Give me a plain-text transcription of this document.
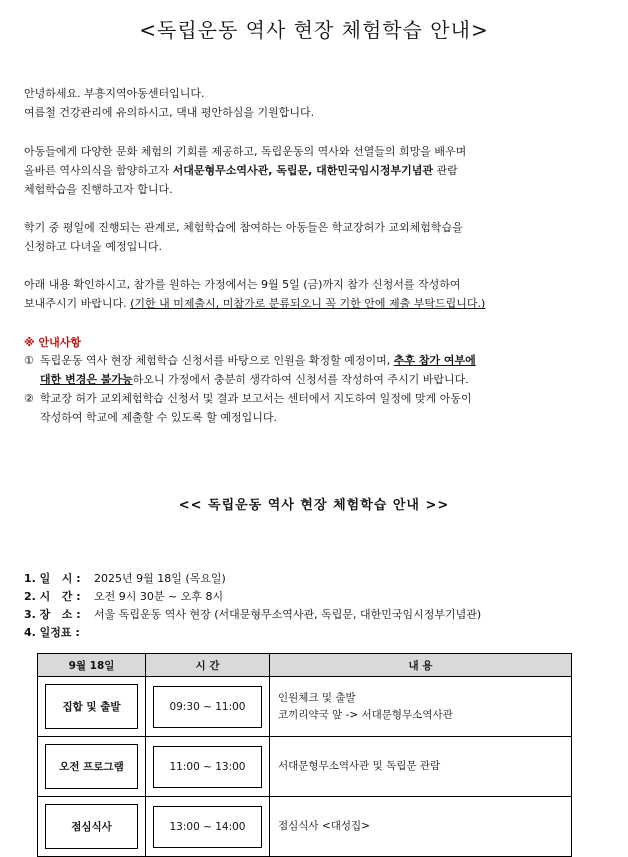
<독립운동 역사 현장 체험학습 안내>

안녕하세요. 부흥지역아동센터입니다.

여름철 건강관리에 유의하시고, 댁내 평안하심을 기원합니다.

아동들에게 다양한 문화 체험의 기회를 제공하고, 독립운동의 역사와 선열들의 희망을 배우며

올바른 역사의식을 함양하고자 서대문형무소역사관, 독립문, 대한민국임시정부기념관 관람

체험학습을 진행하고자 합니다.

학기 중 평일에 진행되는 관계로, 체험학습에 참여하는 아동들은 학교장허가 교외체험학습을

신청하고 다녀올 예정입니다.

아래 내용 확인하시고, 참가를 원하는 가정에서는 9월 5일 (금)까지 참가 신청서를 작성하여

보내주시기 바랍니다. (기한 내 미제출시, 미참가로 분류되오니 꼭 기한 안에 제출 부탁드립니다.)

※ 안내사항
① 독립운동 역사 현장 체험학습 신청서를 바탕으로 인원을 확정할 예정이며, 추후 참가 여부에
대한 변경은 불가능하오니 가정에서 충분히 생각하여 신청서를 작성하여 주시기 바랍니다.
② 학교장 허가 교외체험학습 신청서 및 결과 보고서는 센터에서 지도하여 일정에 맞게 아동이
작성하여 학교에 제출할 수 있도록 할 예정입니다.
<< 독립운동 역사 현장 체험학습 안내 >>
1. 일   시 :	2025년 9월 18일 (목요일)
2. 시   간 :	오전 9시 30분 ~ 오후 8시
3. 장   소 :	서울 독립운동 역사 현장 (서대문형무소역사관, 독립문, 대한민국임시정부기념관)
4. 일정표 :
9월 18일	시 간	내 용

집합 및 출발	09:30 ~ 11:00	인원체크 및 출발
코끼리약국 앞 -> 서대문형무소역사관

오전 프로그램	11:00 ~ 13:00	서대문형무소역사관 및 독립문 관람

점심식사	13:00 ~ 14:00	점심식사 <대성집>
